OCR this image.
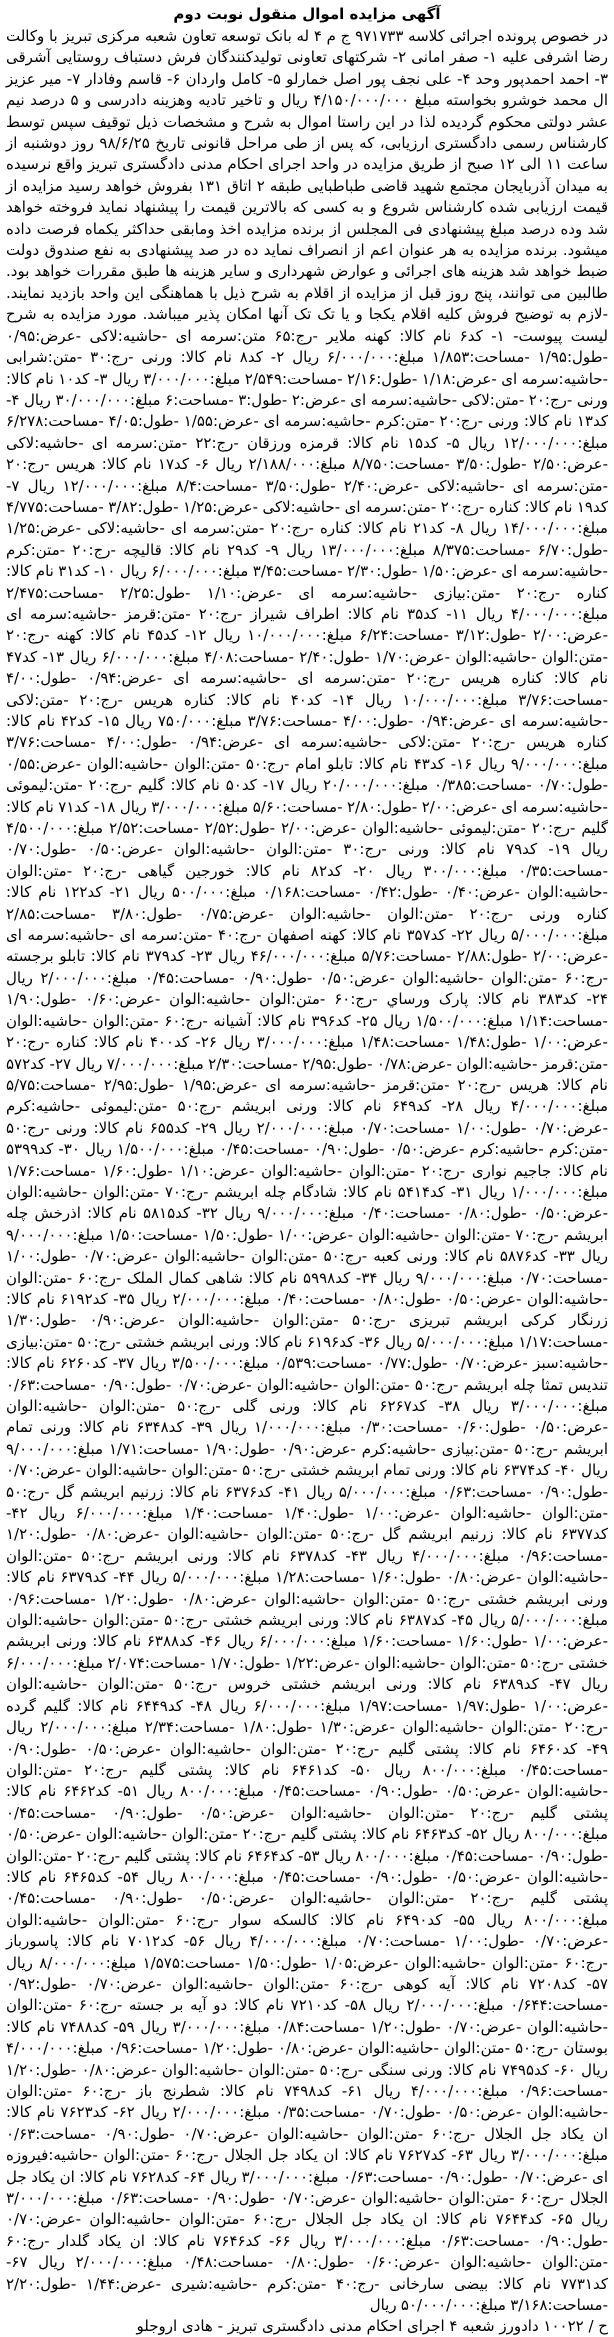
آگهی مزایده اموال منقول نوبت دوم

در خصوص پرونده اجرائی کلاسه ۹۷۱۷۳۳ ج م ۴ له بانک توسعه تعاون شعبه مرکزی تبریز با وکالت رضا اشرفی علیه ۱- صفر امانی ۲- شرکتهای تعاونی تولیدکنندگان فرش دستباف روستایی آشرقی ۳- احمد احمدپور وحد ۴- علی نجف پور اصل خمارلو ۵- کامل واردان ۶- قاسم وفادار ۷- میر عزیز ال محمد خوشرو بخواسته مبلغ ۴/۱۵۰/۰۰۰/۰۰۰ ریال و تاخیر تادیه وهزینه دادرسی و ۵ درصد نیم عشر دولتی محکوم گردیده لذا در این راستا اموال به شرح و مشخصات ذیل توقیف سپس توسط کارشناس رسمی دادگستری ارزیابی، که پس از طی مراحل قانونی تاریخ ۹۸/۶/۲۵ روز دوشنبه از ساعت ۱۱ الی ۱۲ صبح از طریق مزایده در واحد اجرای احکام مدنی دادگستری تبریز واقع نرسیده به میدان آذربایجان مجتمع شهید قاضی طباطبایی طبقه ۲ اتاق ۱۳۱ بفروش خواهد رسید مزایده از قیمت ارزیابی شده کارشناس شروع و به کسی که بالاترین قیمت را پیشنهاد نماید فروخته خواهد شد وده درصد مبلغ پیشنهادی فی المجلس از برنده مزایده اخذ ومابقی حداکثر یکماه فرصت داده میشود. برنده مزایده به هر عنوان اعم از انصراف نماید ده در صد پیشنهادی به نفع صندوق دولت ضبط خواهد شد هزینه های اجرائی و عوارض شهرداری و سایر هزینه ها طبق مقررات خواهد بود. طالبین می توانند، پنج روز قبل از مزایده از اقلام به شرح ذیل با هماهنگی این واحد بازدید نمایند. -لازم به توضیح فروش کلیه اقلام یکجا و یا تک تک آنها امکان پذیر میباشد. مورد مزایده به شرح لیست پیوست- ۱- کد۶ نام کالا: کهنه ملایر -رج:۶۵ متن:سرمه ای -حاشیه:لاکی -عرض:۰/۹۵ -طول:۱/۹۵ -مساحت:۱/۸۵۳ مبلغ:۶/۰۰۰/۰۰۰ ریال ۲- کد۸ نام کالا: ورنی -رج:۳۰ -متن:شرابی -حاشیه:سرمه ای -عرض:۱/۱۸ -طول:۲/۱۶ -مساحت:۲/۵۴۹ مبلغ:۳/۰۰۰/۰۰۰ ریال ۳- کد۱۰ نام کالا: ورنی -رج:۲۰ -متن:لاکی -حاشیه:سرمه ای -عرض:۲ -طول:۳ -مساحت:۶ مبلغ:۳۰/۰۰۰/۰۰۰ ریال ۴- کد۱۳ نام کالا: ورنی -رج:۲۰ -متن:کرم -حاشیه:سرمه ای -عرض:۱/۵۵ -طول:۴/۰۵ -مساحت:۶/۲۷۸ مبلغ:۱۲/۰۰۰/۰۰۰ ریال ۵- کد۱۵ نام کالا: قرمزه ورزقان -رج:۲۲ -متن:سرمه ای -حاشیه:لاکی -عرض:۲/۵۰ -طول:۳/۵۰ -مساحت:۸/۷۵۰ مبلغ:۲/۱۸۸/۰۰۰ ریال ۶- کد۱۷ نام کالا: هریس -رج:۲۰ -متن:سرمه ای -حاشیه:لاکی -عرض:۲/۴۰ -طول:۳/۵۰ -مساحت:۸/۴ مبلغ:۱۲/۰۰۰/۰۰۰ ریال ۷- کد۱۹ نام کالا: کناره -رج:۲۰ -متن:سرمه ای -حاشیه:لاکی -عرض:۱/۲۵ -طول:۳/۸۲ -مساحت:۴/۷۷۵ مبلغ:۱۴/۰۰۰/۰۰۰ ریال ۸- کد۲۱ نام کالا: کناره -رج:۲۰ -متن:سرمه ای -حاشیه:لاکی -عرض:۱/۲۵ -طول:۶/۷۰ -مساحت:۸/۳۷۵ مبلغ:۱۳/۰۰۰/۰۰۰ ریال ۹- کد۲۹ نام کالا: قالیچه -رج:۲۰ -متن:کرم -حاشیه:سرمه ای -عرض:۱/۵۰ -طول:۲/۳۰ -مساحت:۳/۴۵ مبلغ:۶/۰۰۰/۰۰۰ ریال ۱۰- کد۳۱ نام کالا: کناره -رج:۲۰ -متن:بیازی -حاشیه:سرمه ای -عرض:۱/۱۰ -طول:۲/۲۵ -مساحت:۲/۴۷۵ مبلغ:۴/۰۰۰/۰۰۰ ریال ۱۱- کد۳۵ نام کالا: اطراف شیراز -رج:۲۰ -متن:قرمز -حاشیه:سرمه ای -عرض:۲/۰۰ -طول:۳/۱۲ -مساحت:۶/۲۴ مبلغ:۱۰/۰۰۰/۰۰۰ ریال ۱۲- کد۴۵ نام کالا: کهنه -رج:۲۰ -متن:الوان -حاشیه:الوان -عرض:۱/۷۰ -طول:۲/۴۰ -مساحت:۴/۰۸ مبلغ:۶/۰۰۰/۰۰۰ ریال ۱۳- کد۴۷ نام کالا: کناره هریس -رج:۲۰ -متن:سرمه ای -حاشیه:سرمه ای -عرض:۰/۹۴ -طول:۴/۰۰ -مساحت:۳/۷۶ مبلغ:۱۰/۰۰۰/۰۰۰ ریال ۱۴- کد۴۰ نام کالا: کناره هریس -رج:۲۰ -متن:لاکی -حاشیه:سرمه ای -عرض:۰/۹۴ -طول:۴/۰۰ -مساحت:۳/۷۶ مبلغ:۷۵۰/۰۰۰ ریال ۱۵- کد۴۲ نام کالا: کناره هریس -رج:۲۰ -متن:لاکی -حاشیه:سرمه ای -عرض:۰/۹۴ -طول:۴/۰۰ -مساحت:۳/۷۶ مبلغ:۹/۰۰۰/۰۰۰ ریال ۱۶- کد۴۳ نام کالا: تابلو امام -رج:۵۰ -متن:الوان -حاشیه:الوان -عرض:۰/۵۵ -طول:۰/۷۰ -مساحت:۰/۳۸۵ مبلغ:۲۰/۰۰۰/۰۰۰ ریال ۱۷- کد۵۰ نام کالا: گلیم -رج:۲۰ -متن:لیموئی -حاشیه:سرمه ای -عرض:۲/۰۰ -طول:۲/۸۰ -مساحت:۵/۶۰ مبلغ:۳/۰۰۰/۰۰۰ ریال ۱۸- کد۷۱ نام کالا: گلیم -رج:۲۰ -متن:لیموئی -حاشیه:الوان -عرض:۲/۰۰ -طول:۲/۵۲ -مساحت:۲/۵۲ مبلغ:۴/۵۰۰/۰۰۰ ریال ۱۹- کد۷۹ نام کالا: ورنی -رج:۳۰ -متن:الوان -حاشیه:الوان -عرض:۰/۵۰ -طول:۰/۷۰ -مساحت:۰/۳۵ مبلغ:۳۰۰/۰۰۰ ریال ۲۰- کد۸۲ نام کالا: خورجین گیاهی -رج:۲۰ -متن:الوان -حاشیه:الوان -عرض:۰/۴۰ -طول:۰/۴۲ -مساحت:۰/۱۶۸ مبلغ:۵۰۰/۰۰۰ ریال ۲۱- کد۱۲۲ نام کالا: کناره ورنی -رج:۲۰ -متن:الوان -حاشیه:الوان -عرض:۰/۷۵ -طول:۳/۸۰ -مساحت:۲/۸۵ مبلغ:۵/۰۰۰/۰۰۰ ریال ۲۲- کد۳۵۷ نام کالا: کهنه اصفهان -رج:۴۰ -متن:سرمه ای -حاشیه:سرمه ای -عرض:۲/۰۰ -طول:۲/۸۸ -مساحت:۵/۷۶ مبلغ:۴۶/۰۰۰/۰۰۰ ریال ۲۳- کد۳۷۹ نام کالا: تابلو برجسته -رج:۶۰ -متن:الوان -حاشیه:الوان -عرض:۰/۵۰ -طول:۰/۹۰ -مساحت:۰/۴۵ مبلغ:۲/۰۰۰/۰۰۰ ریال ۲۴- کد۳۸۳ نام کالا: پارک ورساي -رج:۶۰ -متن:الوان -حاشیه:الوان -عرض:۰/۶۰ -طول:۱/۹۰ -مساحت:۱/۱۴ مبلغ:۱/۵۰۰/۰۰۰ ریال ۲۵- کد۳۹۶ نام کالا: آشیانه -رج:۶۰ -متن:الوان -حاشیه:الوان -عرض:۱/۰۰ -طول:۱/۴۸ -مساحت:۱/۴۸ مبلغ:۳/۰۰۰/۰۰۰ ریال ۲۶- کد۴۰۰ نام کالا: کناره -رج:۲۰ -متن:قرمز -حاشیه:الوان -عرض:۰/۷۸ -طول:۲/۹۵ -مساحت:۲/۳۰ مبلغ:۷/۰۰۰/۰۰۰ ریال ۲۷- کد۵۷۲ نام کالا: هریس -رج:۲۰ -متن:قرمز -حاشیه:سرمه ای -عرض:۱/۹۵ -طول:۲/۹۵ -مساحت:۵/۷۵ مبلغ:۴/۰۰۰/۰۰۰ ریال ۲۸- کد۶۴۹ نام کالا: ورنی ابریشم -رج:۵۰ -متن:لیموئی -حاشیه:کرم -عرض:۰/۷۰ -طول:۱/۰۰ -مساحت:۰/۷۰ مبلغ:۲/۰۰۰/۰۰۰ ریال ۲۹- کد۶۵۵ نام کالا: ورنی -رج:۵۰ -متن:کرم -حاشیه:کرم -عرض:۰/۵۰ -طول:۰/۹۰ -مساحت:۰/۴۵ مبلغ:۱/۵۰۰/۰۰۰ ریال ۳۰- کد۵۳۹۹ نام کالا: جاجیم نواری -رج:۲۰ -متن:الوان -حاشیه:الوان -عرض:۱/۱۰ -طول:۱/۶۰ -مساحت:۱/۷۶ مبلغ:۱/۰۰۰/۰۰۰ ریال ۳۱- کد۵۴۱۴ نام کالا: شادگام چله ابریشم -رج:۷۰ -متن:الوان -حاشیه:الوان -عرض:۰/۵۰ -طول:۰/۸۰ -مساحت:۰/۴۰ مبلغ:۹/۰۰۰/۰۰۰ ریال ۳۲- کد۵۸۱۵ نام کالا: اذرخش چله ابریشم -رج:۷۰ -متن:الوان -حاشیه:الوان -عرض:۱/۰۰ -طول:۱/۵۰ -مساحت:۱/۵۰ مبلغ:۹/۰۰۰/۰۰۰ ریال ۳۳- کد۵۸۷۶ نام کالا: ورنی کعبه -رج:۵۰ -متن:الوان -حاشیه:الوان -عرض:۰/۷۰ -طول:۱/۰۰ -مساحت:۰/۷۰ مبلغ:۹/۰۰۰/۰۰۰ ریال ۳۴- کد۵۹۹۸ نام کالا: شاهی کمال الملک -رج:۶۰ -متن:الوان -حاشیه:الوان -عرض:۰/۵۰ -طول:۰/۸۰ -مساحت:۰/۴۰ مبلغ:۲/۰۰۰/۰۰۰ ریال ۳۵- کد۶۱۹۲ نام کالا: زرنگار کرکی ابریشم تبریزی -رج:۵۰ -متن:الوان -حاشیه:الوان -عرض:۰/۹۰ -طول:۱/۳۰ -مساحت:۱/۱۷ مبلغ:۵/۰۰۰/۰۰۰ ریال ۳۶- کد۶۱۹۶ نام کالا: ورنی ابریشم خشتی -رج:۵۰ -متن:بیازی -حاشیه:سبز -عرض:۰/۷۰ -طول:۰/۷۷ -مساحت:۰/۵۳۹ مبلغ:۳/۵۰۰/۰۰۰ ریال ۳۷- کد۶۲۶۰ نام کالا: تندیس تمثا چله ابریشم -رج:۵۰ -متن:الوان -حاشیه:الوان -عرض:۰/۷۰ -طول:۰/۹۰ -مساحت:۰/۶۳ مبلغ:۳/۰۰۰/۰۰۰ ریال ۳۸- کد۶۲۶۷ نام کالا: ورنی گلی -رج:۵۰ -متن:الوان -حاشیه:الوان -عرض:۰/۵۰ -طول:۰/۶۰ -مساحت:۰/۳۰ مبلغ:۱/۰۰۰/۰۰۰ ریال ۳۹- کد۶۳۴۸ نام کالا: ورنی تمام ابریشم -رج:۵۰ -متن:بیازی -حاشیه:کرم -عرض:۰/۹۰ -طول:۱/۹۰ -مساحت:۱/۷۱ مبلغ:۹/۰۰۰/۰۰۰ ریال ۴۰- کد۶۳۷۴ نام کالا: ورنی تمام ابریشم خشتی -رج:۵۰ -متن:الوان -حاشیه:الوان -عرض:۰/۷۰ -طول:۰/۹۰ -مساحت:۰/۶۳ مبلغ:۵/۰۰۰/۰۰۰ ریال ۴۱- کد۶۳۷۶ نام کالا: زرنیم ابریشم گل -رج:۵۰ -متن:الوان -حاشیه:الوان -عرض:۱/۰۰ -طول:۱/۴۰ -مساحت:۱/۴۰ مبلغ:۶/۰۰۰/۰۰۰ ریال ۴۲- کد۶۳۷۷ نام کالا: زرنیم ابریشم گل -رج:۵۰ -متن:الوان -حاشیه:الوان -عرض:۰/۸۰ -طول:۱/۲۰ -مساحت:۰/۹۶ مبلغ:۴/۰۰۰/۰۰۰ ریال ۴۳- کد۶۳۷۸ نام کالا: ورنی ابریشم -رج:۵۰ -متن:الوان -حاشیه:الوان -عرض:۰/۸۰ -طول:۱/۶۰ -مساحت:۱/۲۸ مبلغ:۵/۰۰۰/۰۰۰ ریال ۴۴- کد۶۳۷۹ نام کالا: ورنی ابریشم خشتی -رج:۵۰ -متن:الوان -حاشیه:الوان -عرض:۰/۸۰ -طول:۱/۲۰ -مساحت:۰/۹۶ مبلغ:۵/۰۰۰/۰۰۰ ریال ۴۵- کد۶۳۸۷ نام کالا: ورنی ابریشم خشتی -رج:۵۰ -متن:الوان -حاشیه:الوان -عرض:۱/۰۰ -طول:۱/۶۰ -مساحت:۱/۶۰ مبلغ:۶/۰۰۰/۰۰۰ ریال ۴۶- کد۶۳۸۸ نام کالا: ورنی ابریشم خشتی -رج:۵۰ -متن:الوان -حاشیه:الوان -عرض:۱/۲۲ -طول:۱/۷۰ -مساحت:۲/۰۷۴ مبلغ:۶/۰۰۰/۰۰۰ ریال ۴۷- کد۶۳۸۹ نام کالا: ورنی ابریشم خشتی خروس -رج:۵۰ -متن:الوان -حاشیه:الوان -عرض:۱/۰۰ -طول:۱/۹۷ -مساحت:۱/۹۷ مبلغ:۶/۰۰۰/۰۰۰ ریال ۴۸- کد۶۴۴۹ نام کالا: گلیم گرده -رج:۲۰ -متن:الوان -حاشیه:الوان -عرض:۱/۳۰ -طول:۱/۸۰ -مساحت:۲/۳۴ مبلغ:۲/۰۰۰/۰۰۰ ریال ۴۹- کد۶۴۶۰ نام کالا: پشتی گلیم -رج:۲۰ -متن:الوان -حاشیه:الوان -عرض:۰/۵۰ -طول:۰/۹۰ -مساحت:۰/۴۵ مبلغ:۸۰۰/۰۰۰ ریال ۵۰- کد۶۴۶۱ نام کالا: پشتی گلیم -رج:۲۰ -متن:الوان -حاشیه:الوان -عرض:۰/۵۰ -طول:۰/۹۰ -مساحت:۰/۴۵ مبلغ:۸۰۰/۰۰۰ ریال ۵۱- کد۶۴۶۲ نام کالا: پشتی گلیم -رج:۲۰ -متن:الوان -حاشیه:الوان -عرض:۰/۵۰ -طول:۰/۹۰ -مساحت:۰/۴۵ مبلغ:۸۰۰/۰۰۰ ریال ۵۲- کد۶۴۶۳ نام کالا: پشتی گلیم -رج:۲۰ -متن:الوان -حاشیه:الوان -عرض:۰/۵۰ -طول:۰/۹۰ -مساحت:۰/۴۵ مبلغ:۸۰۰/۰۰۰ ریال ۵۳- کد۶۴۶۴ نام کالا: پشتی گلیم -رج:۲۰ -متن:الوان -حاشیه:الوان -عرض:۰/۵۰ -طول:۰/۹۰ -مساحت:۰/۴۵ مبلغ:۸۰۰/۰۰۰ ریال ۵۴- کد۶۴۶۵ نام کالا: پشتی گلیم -رج:۲۰ -متن:الوان -حاشیه:الوان -عرض:۰/۵۰ -طول:۰/۹۰ -مساحت:۰/۴۵ مبلغ:۸۰۰/۰۰۰ ریال ۵۵- کد۶۴۹۰ نام کالا: کالسکه سوار -رج:۶۰ -متن:الوان -حاشیه:الوان -عرض:۰/۷۰ -طول:۱/۰۰ -مساحت:۰/۷۰ مبلغ:۴/۰۰۰/۰۰۰ ریال ۵۶- کد۷۰۱۲ نام کالا: پاسورباز -رج:۶۰ -متن:الوان -حاشیه:الوان -عرض:۱/۰۵ -طول:۱/۵۰ -مساحت:۱/۵۷۵ مبلغ:۸/۰۰۰/۰۰۰ ریال ۵۷- کد۷۲۰۸ نام کالا: آیه کوهی -رج:۶۰ -متن:الوان -حاشیه:الوان -عرض:۰/۷۰ -طول:۰/۹۲ -مساحت:۰/۶۴۴ مبلغ:۲/۰۰۰/۰۰۰ ریال ۵۸- کد۷۲۱۰ نام کالا: دو آیه بر جسته -رج:۶۰ -متن:الوان -حاشیه:الوان -عرض:۰/۷۰ -طول:۱/۲۰ -مساحت:۰/۸۴ مبلغ:۳/۰۰۰/۰۰۰ ریال ۵۹- کد۷۴۸۸ نام کالا: بوستان -رج:۵۰ -متن:الوان -حاشیه:الوان -عرض:۰/۸۰ -طول:۱/۲۰ -مساحت:۰/۹۶ مبلغ:۴/۰۰۰/۰۰۰ ریال ۶۰- کد۷۴۹۵ نام کالا: ورنی سنگی -رج:۵۰ -متن:الوان -حاشیه:الوان -عرض:۰/۸۰ -طول:۱/۲۰ -مساحت:۰/۹۶ مبلغ:۴/۰۰۰/۰۰۰ ریال ۶۱- کد۷۴۹۸ نام کالا: شطرنج باز -رج:۶۰ -متن:الوان -حاشیه:الوان -عرض:۰/۵۰ -طول:۰/۷۰ -مساحت:۰/۳۵ مبلغ:۲/۰۰۰/۰۰۰ ریال ۶۲- کد۷۶۲۳ نام کالا: ان یکاد جل الجلال -رج:۶۰ -متن:الوان -حاشیه:الوان -عرض:۰/۷۰ -طول:۰/۹۰ -مساحت:۰/۶۳ مبلغ:۳/۰۰۰/۰۰۰ ریال ۶۳- کد۷۶۲۷ نام کالا: ان یکاد جل الجلال -رج:۶۰ -متن:الوان -حاشیه:فیروزه ای -عرض:۰/۷۰ -طول:۰/۹۰ -مساحت:۰/۶۳ مبلغ:۳/۰۰۰/۰۰۰ ریال ۶۴- کد۷۶۲۸ نام کالا: ان یکاد جل الجلال -رج:۶۰ -متن:الوان -حاشیه:الوان -عرض:۰/۷۰ -طول:۰/۹۰ -مساحت:۰/۶۳ مبلغ:۳/۰۰۰/۰۰۰ ریال ۶۵- کد۷۶۴۴ نام کالا: ان یکاد جل الجلال -رج:۶۰ -متن:الوان -حاشیه:الوان -عرض:۰/۷۰ -طول:۰/۹۰ -مساحت:۰/۶۳ مبلغ:۳/۰۰۰/۰۰۰ ریال ۶۶- کد۷۶۴۶ نام کالا: ان یکاد گلدار -رج:۶۰ -متن:الوان -حاشیه:الوان -عرض:۰/۶۰ -طول:۰/۸۰ -مساحت:۰/۴۸ مبلغ:۲/۰۰۰/۰۰۰ ریال ۶۷- کد۷۷۳۱ نام کالا: بیضی سارخانی -رج:۴۰ -متن:کرم -حاشیه:شیری -عرض:۱/۴۴ -طول:۲/۲۰ -مساحت:۳/۱۶۸ مبلغ:۵۰/۰۰۰/۰۰۰ ریال

ح / ۱۰۰۲۲ دادورز شعبه ۴ اجرای احکام مدنی دادگستری تبریز - هادی اروجلو
